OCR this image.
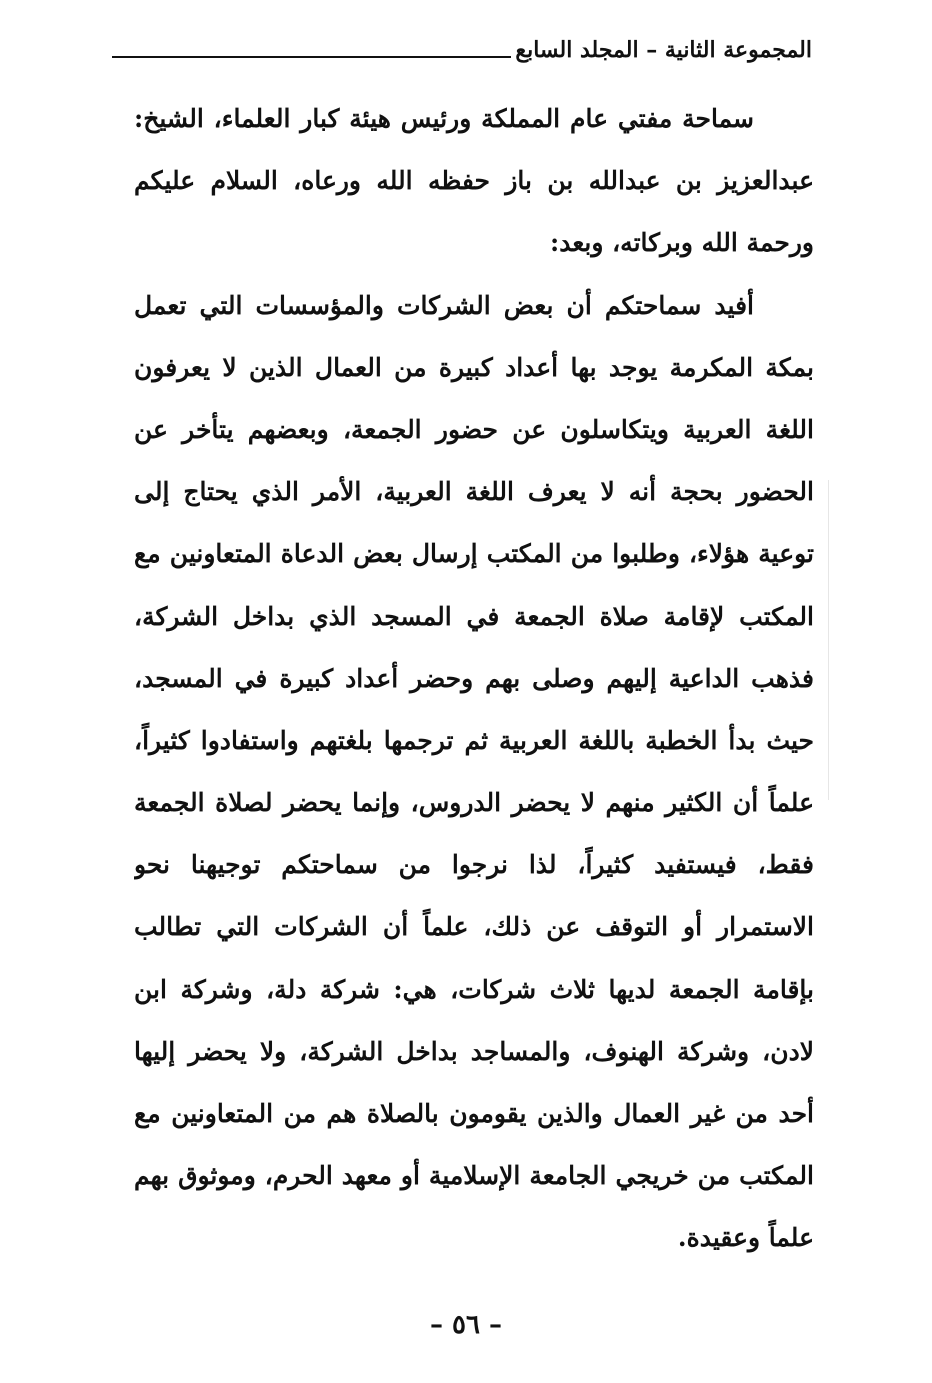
المجموعة الثانية – المجلد السابع
سماحة مفتي عام المملكة ورئيس هيئة كبار العلماء، الشيخ:
عبدالعزيز بن عبدالله بن باز حفظه الله ورعاه، السلام عليكم
ورحمة الله وبركاته، وبعد:
أفيد سماحتكم أن بعض الشركات والمؤسسات التي تعمل
بمكة المكرمة يوجد بها أعداد كبيرة من العمال الذين لا يعرفون
اللغة العربية ويتكاسلون عن حضور الجمعة، وبعضهم يتأخر عن
الحضور بحجة أنه لا يعرف اللغة العربية، الأمر الذي يحتاج إلى
توعية هؤلاء، وطلبوا من المكتب إرسال بعض الدعاة المتعاونين مع
المكتب لإقامة صلاة الجمعة في المسجد الذي بداخل الشركة،
فذهب الداعية إليهم وصلى بهم وحضر أعداد كبيرة في المسجد،
حيث بدأ الخطبة باللغة العربية ثم ترجمها بلغتهم واستفادوا كثيراً،
علماً أن الكثير منهم لا يحضر الدروس، وإنما يحضر لصلاة الجمعة
فقط، فيستفيد كثيراً، لذا نرجوا من سماحتكم توجيهنا نحو
الاستمرار أو التوقف عن ذلك، علماً أن الشركات التي تطالب
بإقامة الجمعة لديها ثلاث شركات، هي: شركة دلة، وشركة ابن
لادن، وشركة الهنوف، والمساجد بداخل الشركة، ولا يحضر إليها
أحد من غير العمال والذين يقومون بالصلاة هم من المتعاونين مع
المكتب من خريجي الجامعة الإسلامية أو معهد الحرم، وموثوق بهم
علماً وعقيدة.
– ٥٦ –
